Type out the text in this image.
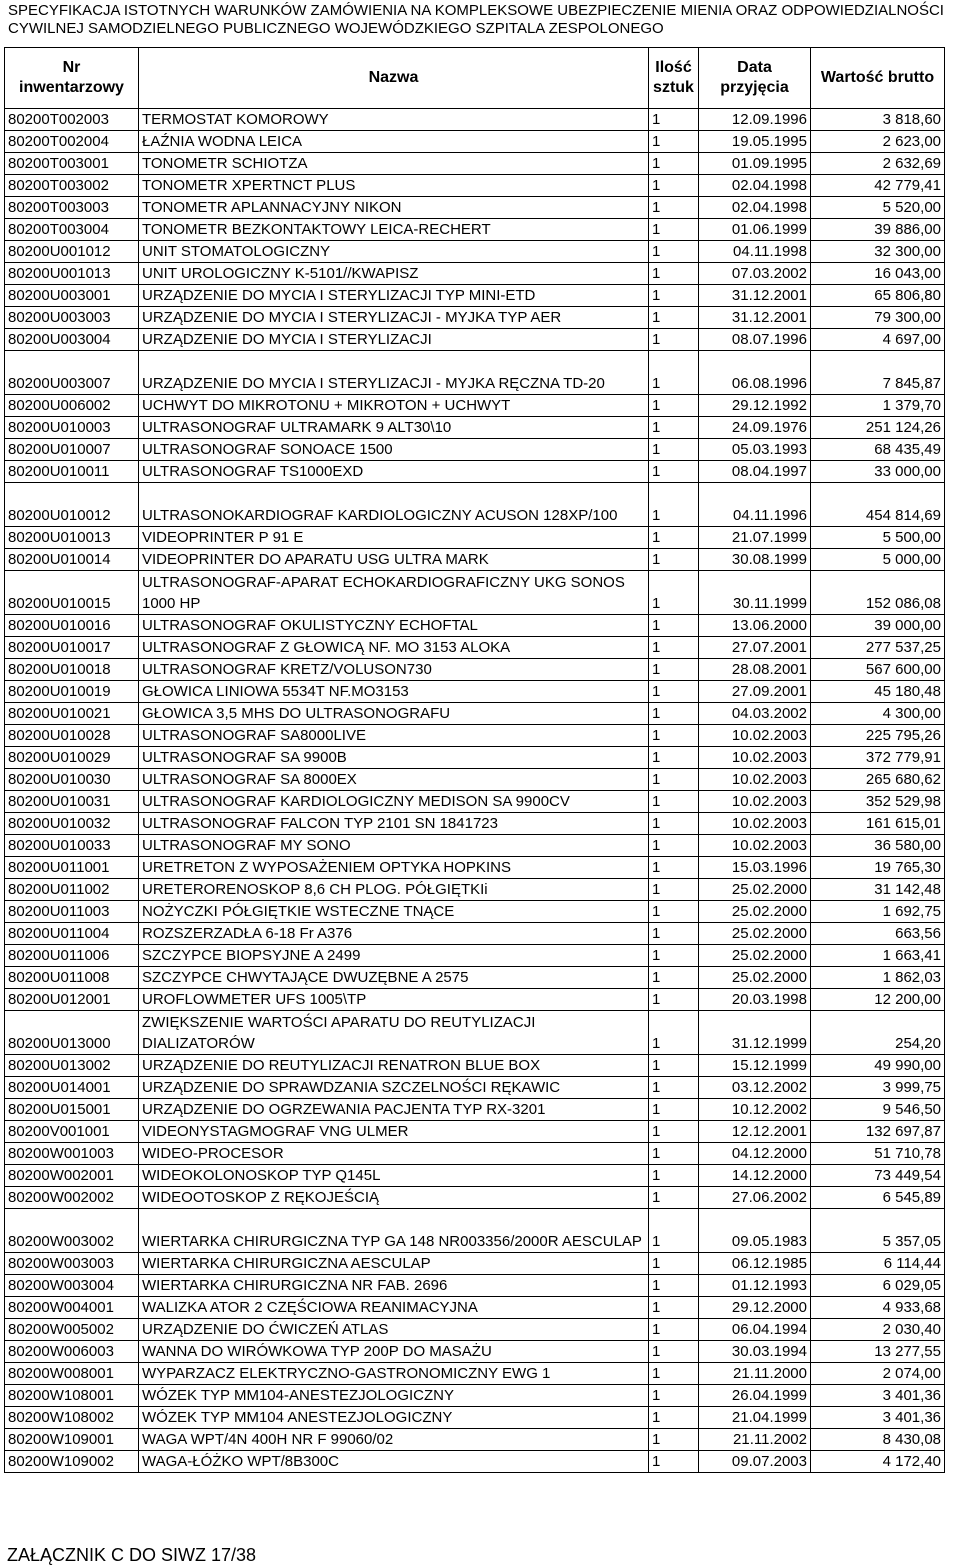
SPECYFIKACJA ISTOTNYCH WARUNKÓW ZAMÓWIENIA NA KOMPLEKSOWE UBEZPIECZENIE MIENIA ORAZ ODPOWIEDZIALNOŚCI
CYWILNEJ SAMODZIELNEGO PUBLICZNEGO WOJEWÓDZKIEGO SZPITALA ZESPOLONEGO
Nr inwentarzowy	Nazwa	Ilość sztuk	Data przyjęcia	Wartość brutto
80200T002003	TERMOSTAT KOMOROWY	1	12.09.1996	3 818,60
80200T002004	ŁAŹNIA WODNA LEICA	1	19.05.1995	2 623,00
80200T003001	TONOMETR SCHIOTZA	1	01.09.1995	2 632,69
80200T003002	TONOMETR XPERTNCT PLUS	1	02.04.1998	42 779,41
80200T003003	TONOMETR APLANNACYJNY NIKON	1	02.04.1998	5 520,00
80200T003004	TONOMETR BEZKONTAKTOWY LEICA-RECHERT	1	01.06.1999	39 886,00
80200U001012	UNIT STOMATOLOGICZNY	1	04.11.1998	32 300,00
80200U001013	UNIT UROLOGICZNY K-5101//KWAPISZ	1	07.03.2002	16 043,00
80200U003001	URZĄDZENIE DO MYCIA I STERYLIZACJI TYP MINI-ETD	1	31.12.2001	65 806,80
80200U003003	URZĄDZENIE DO MYCIA I STERYLIZACJI - MYJKA TYP AER	1	31.12.2001	79 300,00
80200U003004	URZĄDZENIE DO MYCIA I STERYLIZACJI	1	08.07.1996	4 697,00
80200U003007	URZĄDZENIE DO MYCIA I STERYLIZACJI - MYJKA RĘCZNA TD-20	1	06.08.1996	7 845,87
80200U006002	UCHWYT DO MIKROTONU + MIKROTON + UCHWYT	1	29.12.1992	1 379,70
80200U010003	ULTRASONOGRAF ULTRAMARK 9 ALT30\10	1	24.09.1976	251 124,26
80200U010007	ULTRASONOGRAF SONOACE 1500	1	05.03.1993	68 435,49
80200U010011	ULTRASONOGRAF TS1000EXD	1	08.04.1997	33 000,00
80200U010012	ULTRASONOKARDIOGRAF KARDIOLOGICZNY ACUSON 128XP/100	1	04.11.1996	454 814,69
80200U010013	VIDEOPRINTER P 91 E	1	21.07.1999	5 500,00
80200U010014	VIDEOPRINTER DO APARATU USG ULTRA MARK	1	30.08.1999	5 000,00
80200U010015	ULTRASONOGRAF-APARAT ECHOKARDIOGRAFICZNY UKG SONOS 1000 HP	1	30.11.1999	152 086,08
80200U010016	ULTRASONOGRAF OKULISTYCZNY ECHOFTAL	1	13.06.2000	39 000,00
80200U010017	ULTRASONOGRAF Z GŁOWICĄ NF. MO 3153 ALOKA	1	27.07.2001	277 537,25
80200U010018	ULTRASONOGRAF KRETZ/VOLUSON730	1	28.08.2001	567 600,00
80200U010019	GŁOWICA LINIOWA 5534T NF.MO3153	1	27.09.2001	45 180,48
80200U010021	GŁOWICA 3,5 MHS DO ULTRASONOGRAFU	1	04.03.2002	4 300,00
80200U010028	ULTRASONOGRAF SA8000LIVE	1	10.02.2003	225 795,26
80200U010029	ULTRASONOGRAF SA 9900B	1	10.02.2003	372 779,91
80200U010030	ULTRASONOGRAF SA 8000EX	1	10.02.2003	265 680,62
80200U010031	ULTRASONOGRAF KARDIOLOGICZNY MEDISON SA 9900CV	1	10.02.2003	352 529,98
80200U010032	ULTRASONOGRAF FALCON TYP 2101 SN 1841723	1	10.02.2003	161 615,01
80200U010033	ULTRASONOGRAF MY SONO	1	10.02.2003	36 580,00
80200U011001	URETRETON Z WYPOSAŻENIEM OPTYKA HOPKINS	1	15.03.1996	19 765,30
80200U011002	URETERORENOSKOP 8,6 CH PLOG. PÓŁGIĘTKIi	1	25.02.2000	31 142,48
80200U011003	NOŻYCZKI PÓŁGIĘTKIE WSTECZNE TNĄCE	1	25.02.2000	1 692,75
80200U011004	ROZSZERZADŁA 6-18 Fr A376	1	25.02.2000	663,56
80200U011006	SZCZYPCE BIOPSYJNE A 2499	1	25.02.2000	1 663,41
80200U011008	SZCZYPCE CHWYTAJĄCE DWUZĘBNE A 2575	1	25.02.2000	1 862,03
80200U012001	UROFLOWMETER UFS 1005\TP	1	20.03.1998	12 200,00
80200U013000	ZWIĘKSZENIE WARTOŚCI APARATU DO REUTYLIZACJI DIALIZATORÓW	1	31.12.1999	254,20
80200U013002	URZĄDZENIE DO REUTYLIZACJI RENATRON BLUE BOX	1	15.12.1999	49 990,00
80200U014001	URZĄDZENIE DO SPRAWDZANIA SZCZELNOŚCI RĘKAWIC	1	03.12.2002	3 999,75
80200U015001	URZĄDZENIE DO OGRZEWANIA PACJENTA TYP RX-3201	1	10.12.2002	9 546,50
80200V001001	VIDEONYSTAGMOGRAF VNG ULMER	1	12.12.2001	132 697,87
80200W001003	WIDEO-PROCESOR	1	04.12.2000	51 710,78
80200W002001	WIDEOKOLONOSKOP TYP Q145L	1	14.12.2000	73 449,54
80200W002002	WIDEOOTOSKOP Z RĘKOJEŚCIĄ	1	27.06.2002	6 545,89
80200W003002	WIERTARKA CHIRURGICZNA TYP GA 148 NR003356/2000R AESCULAP	1	09.05.1983	5 357,05
80200W003003	WIERTARKA CHIRURGICZNA AESCULAP	1	06.12.1985	6 114,44
80200W003004	WIERTARKA CHIRURGICZNA NR FAB. 2696	1	01.12.1993	6 029,05
80200W004001	WALIZKA ATOR 2 CZĘŚCIOWA REANIMACYJNA	1	29.12.2000	4 933,68
80200W005002	URZĄDZENIE DO ĆWICZEŃ ATLAS	1	06.04.1994	2 030,40
80200W006003	WANNA DO WIRÓWKOWA TYP 200P DO MASAŻU	1	30.03.1994	13 277,55
80200W008001	WYPARZACZ ELEKTRYCZNO-GASTRONOMICZNY EWG 1	1	21.11.2000	2 074,00
80200W108001	WÓZEK TYP MM104-ANESTEZJOLOGICZNY	1	26.04.1999	3 401,36
80200W108002	WÓZEK TYP MM104 ANESTEZJOLOGICZNY	1	21.04.1999	3 401,36
80200W109001	WAGA WPT/4N 400H NR F 99060/02	1	21.11.2002	8 430,08
80200W109002	WAGA-ŁÓŻKO WPT/8B300C	1	09.07.2003	4 172,40
ZAŁĄCZNIK C DO SIWZ 17/38
